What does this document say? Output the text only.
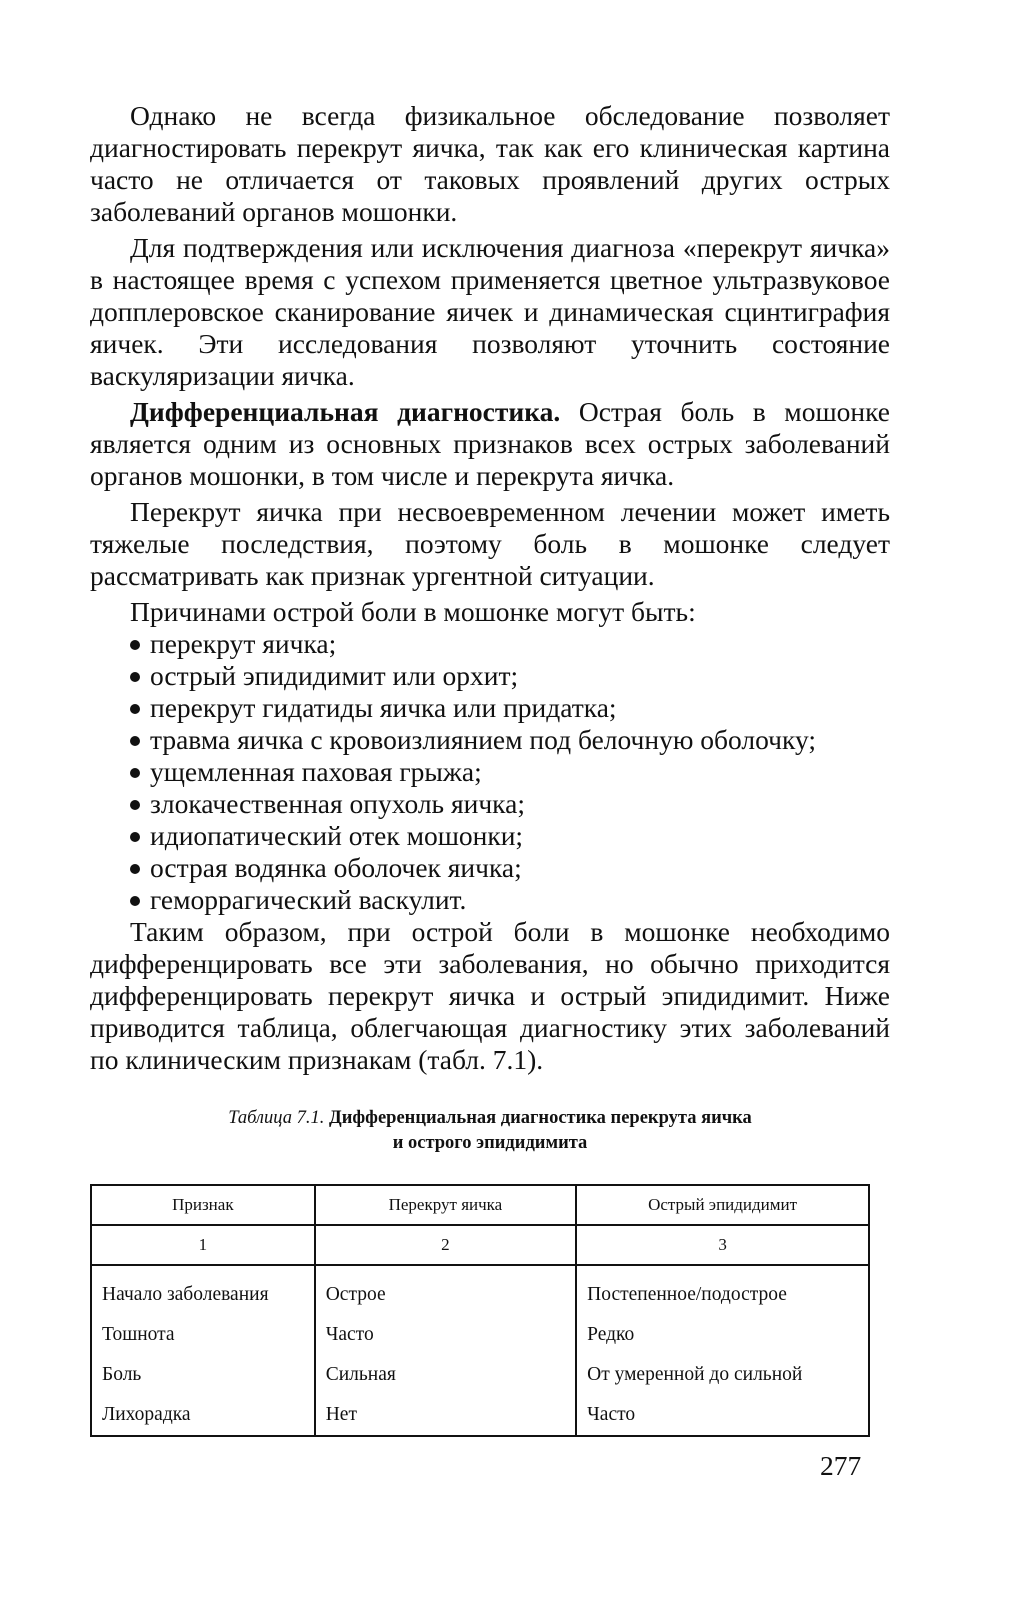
Однако не всегда физикальное обследование позволяет диагностировать перекрут яичка, так как его клиническая картина часто не отличается от таковых проявлений других острых заболеваний органов мошонки.

Для подтверждения или исключения диагноза «перекрут яичка» в настоящее время с успехом применяется цветное ультразвуковое допплеровское сканирование яичек и динамическая сцинтиграфия яичек. Эти исследования позволяют уточнить состояние васкуляризации яичка.

Дифференциальная диагностика. Острая боль в мошонке является одним из основных признаков всех острых заболеваний органов мошонки, в том числе и перекрута яичка.

Перекрут яичка при несвоевременном лечении может иметь тяжелые последствия, поэтому боль в мошонке следует рассматривать как признак ургентной ситуации.

Причинами острой боли в мошонке могут быть:

перекрут яичка;
острый эпидидимит или орхит;
перекрут гидатиды яичка или придатка;
травма яичка с кровоизлиянием под белочную оболочку;
ущемленная паховая грыжа;
злокачественная опухоль яичка;
идиопатический отек мошонки;
острая водянка оболочек яичка;
геморрагический васкулит.

Таким образом, при острой боли в мошонке необходимо дифференцировать все эти заболевания, но обычно приходится дифференцировать перекрут яичка и острый эпидидимит. Ниже приводится таблица, облегчающая диагностику этих заболеваний по клиническим признакам (табл. 7.1).

Таблица 7.1. Дифференциальная диагностика перекрута яичка
и острого эпидидимита
Признак	Перекрут яичка	Острый эпидидимит
1	2	3
Начало заболевания	Острое	Постепенное/подострое
Тошнота	Часто	Редко
Боль	Сильная	От умеренной до сильной
Лихорадка	Нет	Часто
277
